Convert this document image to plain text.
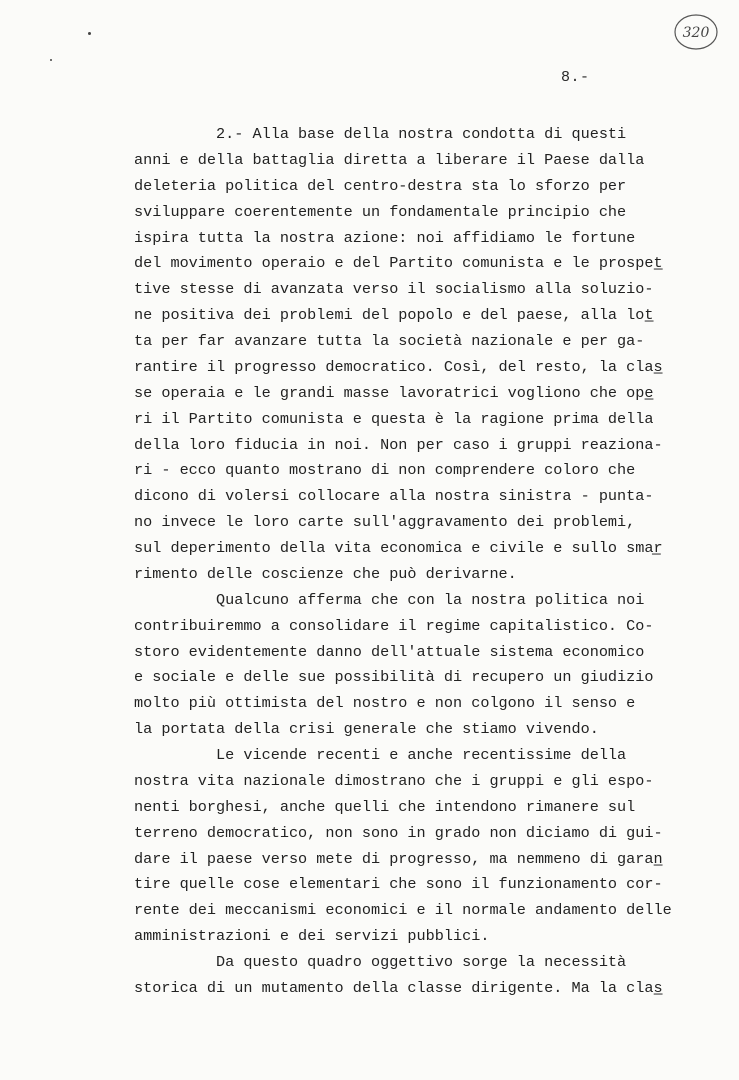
320
8.-
2.- Alla base della nostra condotta di questi
anni e della battaglia diretta a liberare il Paese dalla
deleteria politica del centro-destra sta lo sforzo per
sviluppare coerentemente un fondamentale principio che
ispira tutta la nostra azione: noi affidiamo le fortune
del movimento operaio e del Partito comunista e le prospet̲
tive stesse di avanzata verso il socialismo alla soluzio-
ne positiva dei problemi del popolo e del paese, alla lot̲
ta per far avanzare tutta la società nazionale e per ga-
rantire il progresso democratico. Così, del resto, la clas̲
se operaia e le grandi masse lavoratrici vogliono che ope̲
ri il Partito comunista e questa è la ragione prima della
della loro fiducia in noi. Non per caso i gruppi reaziona-
ri - ecco quanto mostrano di non comprendere coloro che
dicono di volersi collocare alla nostra sinistra - punta-
no invece le loro carte sull'aggravamento dei problemi,
sul deperimento della vita economica e civile e sullo smar̲
rimento delle coscienze che può derivarne.
Qualcuno afferma che con la nostra politica noi
contribuiremmo a consolidare il regime capitalistico. Co-
storo evidentemente danno dell'attuale sistema economico
e sociale e delle sue possibilità di recupero un giudizio
molto più ottimista del nostro e non colgono il senso e
la portata della crisi generale che stiamo vivendo.
Le vicende recenti e anche recentissime della
nostra vita nazionale dimostrano che i gruppi e gli espo-
nenti borghesi, anche quelli che intendono rimanere sul
terreno democratico, non sono in grado non diciamo di gui-
dare il paese verso mete di progresso, ma nemmeno di garan̲
tire quelle cose elementari che sono il funzionamento cor-
rente dei meccanismi economici e il normale andamento delle
amministrazioni e dei servizi pubblici.
Da questo quadro oggettivo sorge la necessità
storica di un mutamento della classe dirigente. Ma la clas̲
